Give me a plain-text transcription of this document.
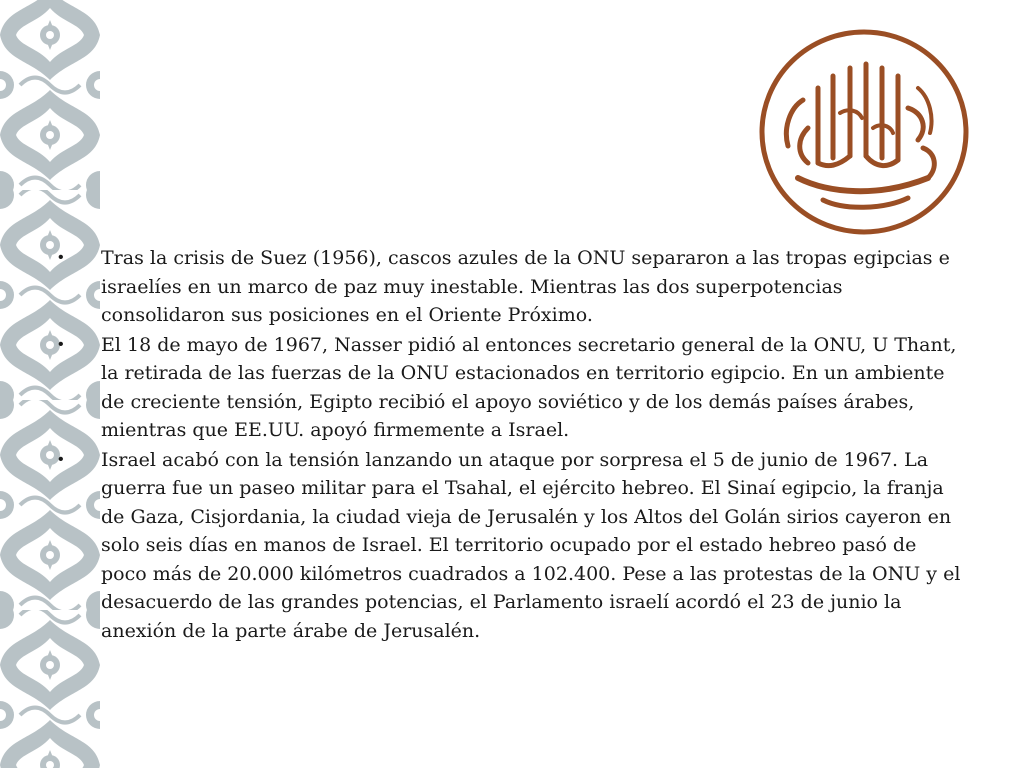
• Tras la crisis de Suez (1956), cascos azules de la ONU separaron a las tropas egipcias e israelíes en un marco de paz muy inestable. Mientras las dos superpotencias consolidaron sus posiciones en el Oriente Próximo.
• El 18 de mayo de 1967, Nasser pidió al entonces secretario general de la ONU, U Thant, la retirada de las fuerzas de la ONU estacionados en territorio egipcio. En un ambiente de creciente tensión, Egipto recibió el apoyo soviético y de los demás países árabes, mientras que EE.UU. apoyó firmemente a Israel.
• Israel acabó con la tensión lanzando un ataque por sorpresa el 5 de junio de 1967. La guerra fue un paseo militar para el Tsahal, el ejército hebreo. El Sinaí egipcio, la franja de Gaza, Cisjordania, la ciudad vieja de Jerusalén y los Altos del Golán sirios cayeron en solo seis días en manos de Israel. El territorio ocupado por el estado hebreo pasó de poco más de 20.000 kilómetros cuadrados a 102.400. Pese a las protestas de la ONU y el desacuerdo de las grandes potencias, el Parlamento israelí acordó el 23 de junio la anexión de la parte árabe de Jerusalén.
